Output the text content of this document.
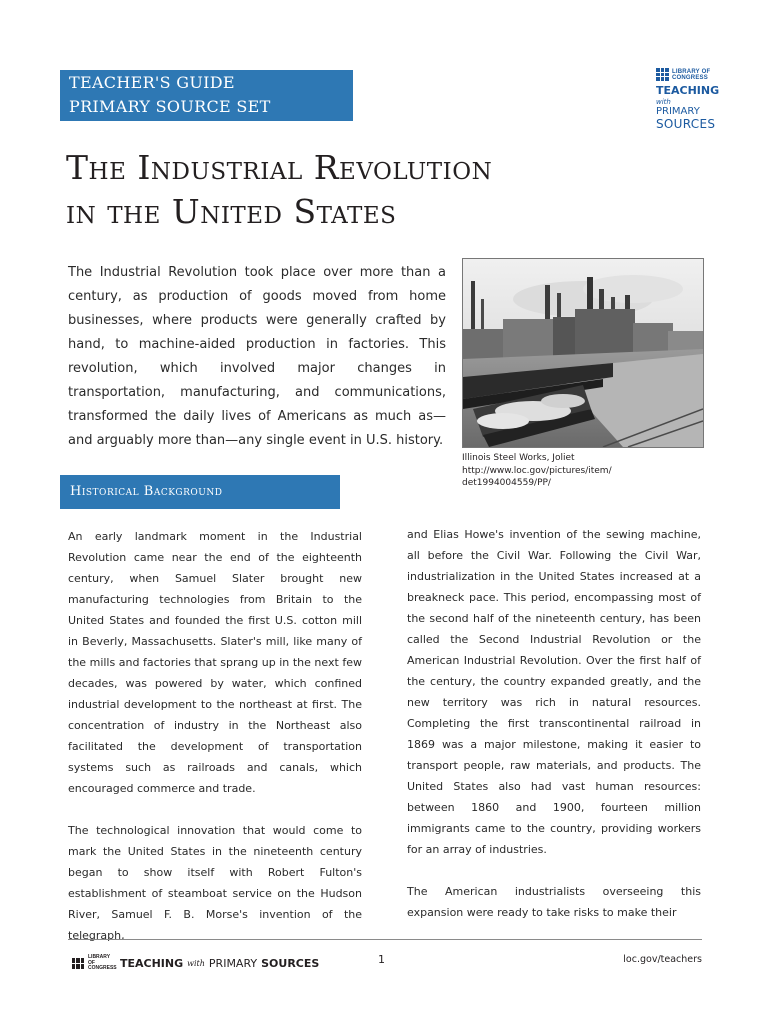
TEACHER'S GUIDE
PRIMARY SOURCE SET
LIBRARY OF
CONGRESS
TEACHING
with PRIMARY
SOURCES
The Industrial Revolution
in the United States

The Industrial Revolution took place over more than a century, as production of goods moved from home businesses, where products were generally crafted by hand, to machine-aided production in factories. This revolution, which involved major changes in transportation, manufacturing, and communications, transformed the daily lives of Americans as much as—and arguably more than—any single event in U.S. history.

Illinois Steel Works, Joliet
http://www.loc.gov/pictures/item/
det1994004559/PP/
Historical Background

An early landmark moment in the Industrial Revolution came near the end of the eighteenth century, when Samuel Slater brought new manufacturing technologies from Britain to the United States and founded the first U.S. cotton mill in Beverly, Massachusetts. Slater's mill, like many of the mills and factories that sprang up in the next few decades, was powered by water, which confined industrial development to the northeast at first. The concentration of industry in the Northeast also facilitated the development of transportation systems such as railroads and canals, which encouraged commerce and trade.

The technological innovation that would come to mark the United States in the nineteenth century began to show itself with Robert Fulton's establishment of steamboat service on the Hudson River, Samuel F. B. Morse's invention of the telegraph,

and Elias Howe's invention of the sewing machine, all before the Civil War. Following the Civil War, industrialization in the United States increased at a breakneck pace. This period, encompassing most of the second half of the nineteenth century, has been called the Second Industrial Revolution or the American Industrial Revolution. Over the first half of the century, the country expanded greatly, and the new territory was rich in natural resources. Completing the first transcontinental railroad in 1869 was a major milestone, making it easier to transport people, raw materials, and products. The United States also had vast human resources: between 1860 and 1900, fourteen million immigrants came to the country, providing workers for an array of industries.

The American industrialists overseeing this expansion were ready to take risks to make their

LIBRARY OF
CONGRESS TEACHING with PRIMARY SOURCES	1	loc.gov/teachers
